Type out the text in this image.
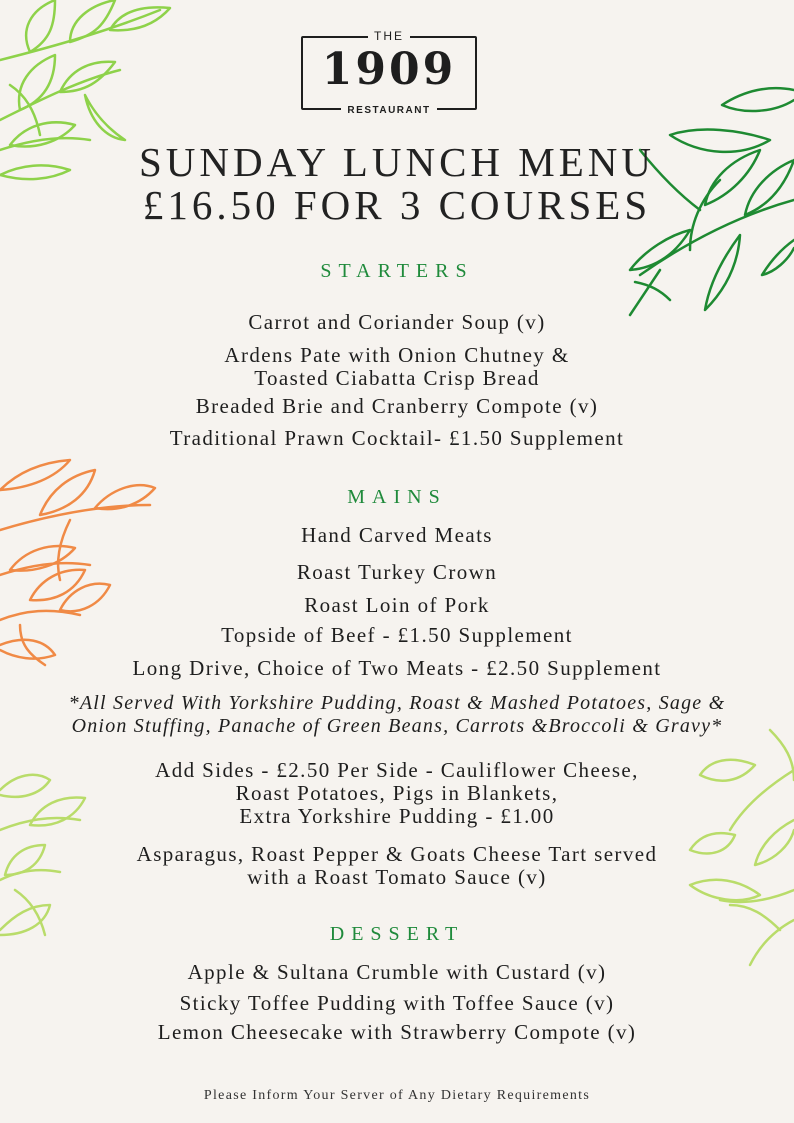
THE
1909
RESTAURANT
SUNDAY LUNCH MENU
£16.50 FOR 3 COURSES
STARTERS
Carrot and Coriander Soup (v)
Ardens Pate with Onion Chutney &
Toasted Ciabatta Crisp Bread
Breaded Brie and Cranberry Compote (v)
Traditional Prawn Cocktail- £1.50 Supplement
MAINS
Hand Carved Meats
Roast Turkey Crown
Roast Loin of Pork
Topside of Beef - £1.50 Supplement
Long Drive, Choice of Two Meats - £2.50 Supplement
*All Served With Yorkshire Pudding, Roast & Mashed Potatoes, Sage &
Onion Stuffing, Panache of Green Beans, Carrots &Broccoli & Gravy*
Add Sides - £2.50 Per Side - Cauliflower Cheese,
Roast Potatoes, Pigs in Blankets,
Extra Yorkshire Pudding - £1.00
Asparagus, Roast Pepper & Goats Cheese Tart served
with a Roast Tomato Sauce (v)
DESSERT
Apple & Sultana Crumble with Custard (v)
Sticky Toffee Pudding with Toffee Sauce (v)
Lemon Cheesecake with Strawberry Compote (v)
Please Inform Your Server of Any Dietary Requirements
